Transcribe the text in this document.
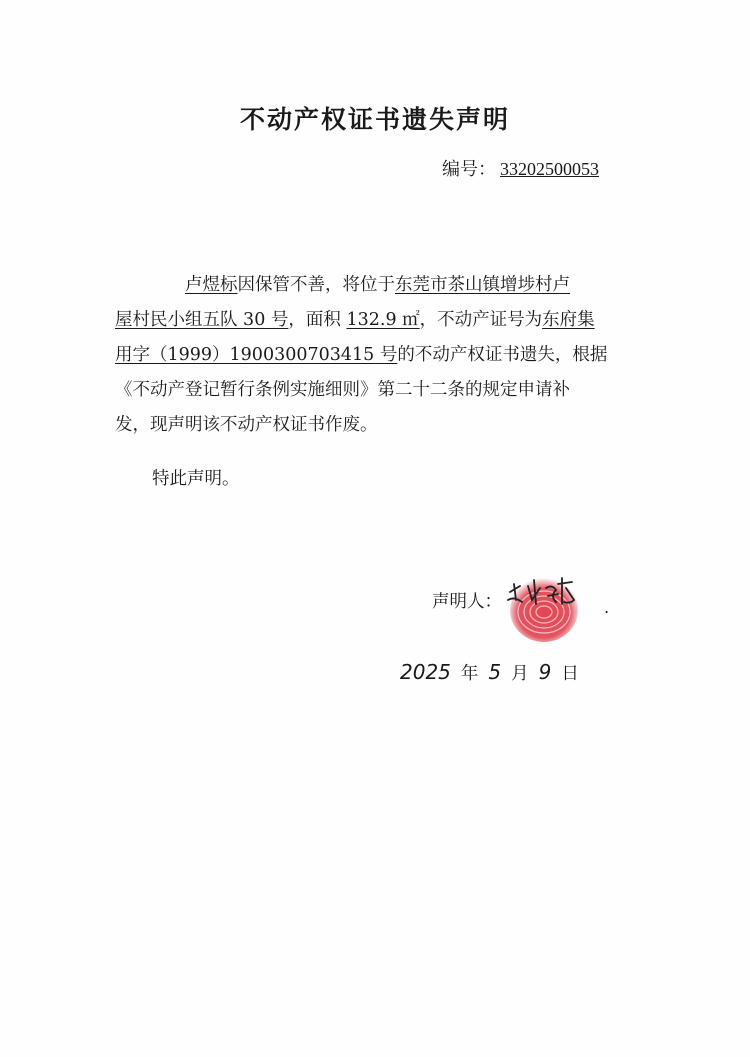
不动产权证书遗失声明
编号： 33202500053
卢煜标因保管不善，将位于东莞市茶山镇增埗村卢
屋村民小组五队 30 号，面积 132.9 ㎡，不动产证号为东府集
用字（1999）1900300703415 号的不动产权证书遗失，根据
《不动产登记暂行条例实施细则》第二十二条的规定申请补
发，现声明该不动产权证书作废。
特此声明。
声明人：	.
2025 年 5 月 9 日
